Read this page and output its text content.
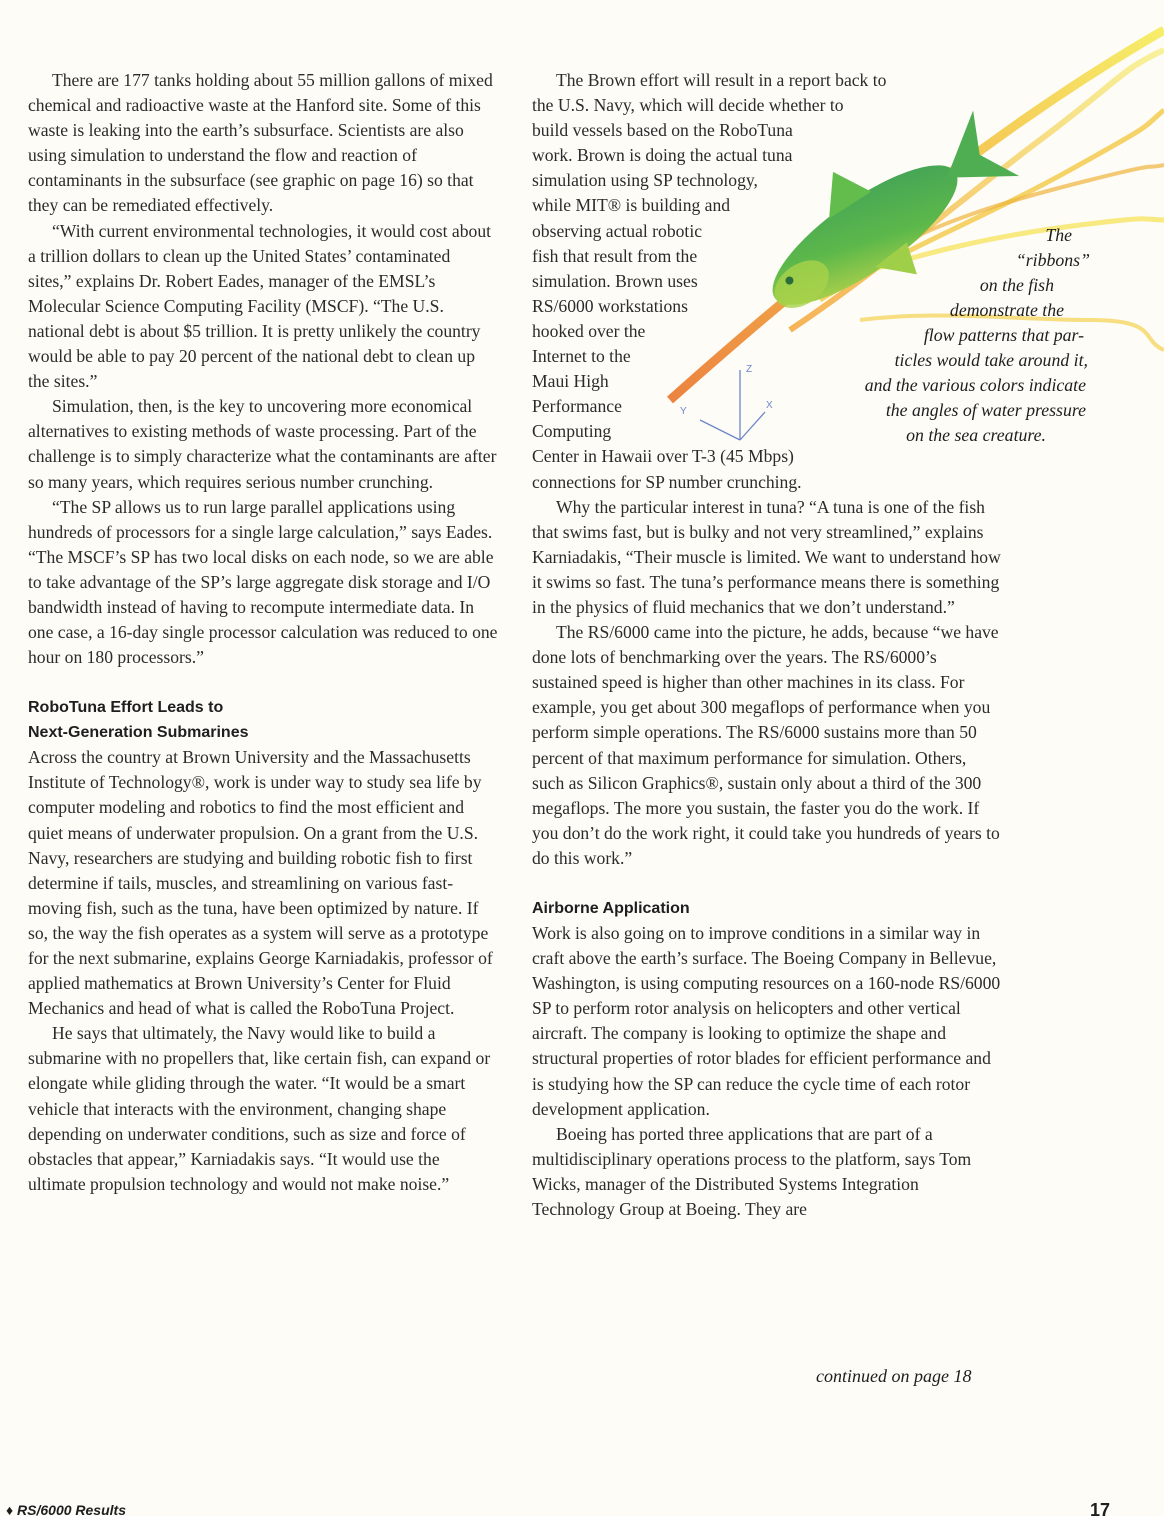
Z
Y
X

There are 177 tanks holding about 55 million gallons of mixed chemical and radioactive waste at the Hanford site. Some of this waste is leaking into the earth’s subsurface. Scientists are also using simulation to understand the flow and reaction of contaminants in the subsurface (see graphic on page 16) so that they can be remediated effectively.

“With current environmental technologies, it would cost about a trillion dollars to clean up the United States’ contaminated sites,” explains Dr. Robert Eades, manager of the EMSL’s Molecular Science Computing Facility (MSCF). “The U.S. national debt is about $5 trillion. It is pretty unlikely the country would be able to pay 20 percent of the national debt to clean up the sites.”

Simulation, then, is the key to uncovering more economical alternatives to existing methods of waste processing. Part of the challenge is to simply characterize what the contaminants are after so many years, which requires serious number crunching.

“The SP allows us to run large parallel applications using hundreds of processors for a single large calculation,” says Eades. “The MSCF’s SP has two local disks on each node, so we are able to take advantage of the SP’s large aggregate disk storage and I/O bandwidth instead of having to recompute intermediate data. In one case, a 16-day single processor calculation was reduced to one hour on 180 processors.”

RoboTuna Effort Leads to
Next-Generation Submarines

Across the country at Brown University and the Massachusetts Institute of Technology®, work is under way to study sea life by computer modeling and robotics to find the most efficient and quiet means of underwater propulsion. On a grant from the U.S. Navy, researchers are studying and building robotic fish to first determine if tails, muscles, and streamlining on various fast-moving fish, such as the tuna, have been optimized by nature. If so, the way the fish operates as a system will serve as a prototype for the next submarine, explains George Karniadakis, professor of applied mathematics at Brown University’s Center for Fluid Mechanics and head of what is called the RoboTuna Project.

He says that ultimately, the Navy would like to build a submarine with no propellers that, like certain fish, can expand or elongate while gliding through the water. “It would be a smart vehicle that interacts with the environment, changing shape depending on underwater conditions, such as size and force of obstacles that appear,” Karniadakis says. “It would use the ultimate propulsion technology and would not make noise.”

The Brown effort will result in a report back to
the U.S. Navy, which will decide whether to
build vessels based on the RoboTuna
work. Brown is doing the actual tuna
simulation using SP technology,
while MIT® is building and
observing actual robotic
fish that result from the
simulation. Brown uses
RS/6000 workstations
hooked over the
Internet to the
Maui High
Performance
Computing
Center in Hawaii over T-3 (45 Mbps)
connections for SP number crunching.

Why the particular interest in tuna? “A tuna is one of the fish that swims fast, but is bulky and not very streamlined,” explains Karniadakis, “Their muscle is limited. We want to understand how it swims so fast. The tuna’s performance means there is something in the physics of fluid mechanics that we don’t understand.”

The RS/6000 came into the picture, he adds, because “we have done lots of benchmarking over the years. The RS/6000’s sustained speed is higher than other machines in its class. For example, you get about 300 megaflops of performance when you perform simple operations. The RS/6000 sustains more than 50 percent of that maximum performance for simulation. Others, such as Silicon Graphics®, sustain only about a third of the 300 megaflops. The more you sustain, the faster you do the work. If you don’t do the work right, it could take you hundreds of years to do this work.”

Airborne Application

Work is also going on to improve conditions in a similar way in craft above the earth’s surface. The Boeing Company in Bellevue, Washington, is using computing resources on a 160-node RS/6000 SP to perform rotor analysis on helicopters and other vertical aircraft. The company is looking to optimize the shape and structural properties of rotor blades for efficient performance and is studying how the SP can reduce the cycle time of each rotor development application.

Boeing has ported three applications that are part of a multidisciplinary operations process to the platform, says Tom Wicks, manager of the Distributed Systems Integration Technology Group at Boeing. They are

The
“ribbons”
on the fish
demonstrate the
flow patterns that par-
ticles would take around it,
and the various colors indicate
the angles of water pressure
on the sea creature.
continued on page 18
♦ RS/6000 Results	17
